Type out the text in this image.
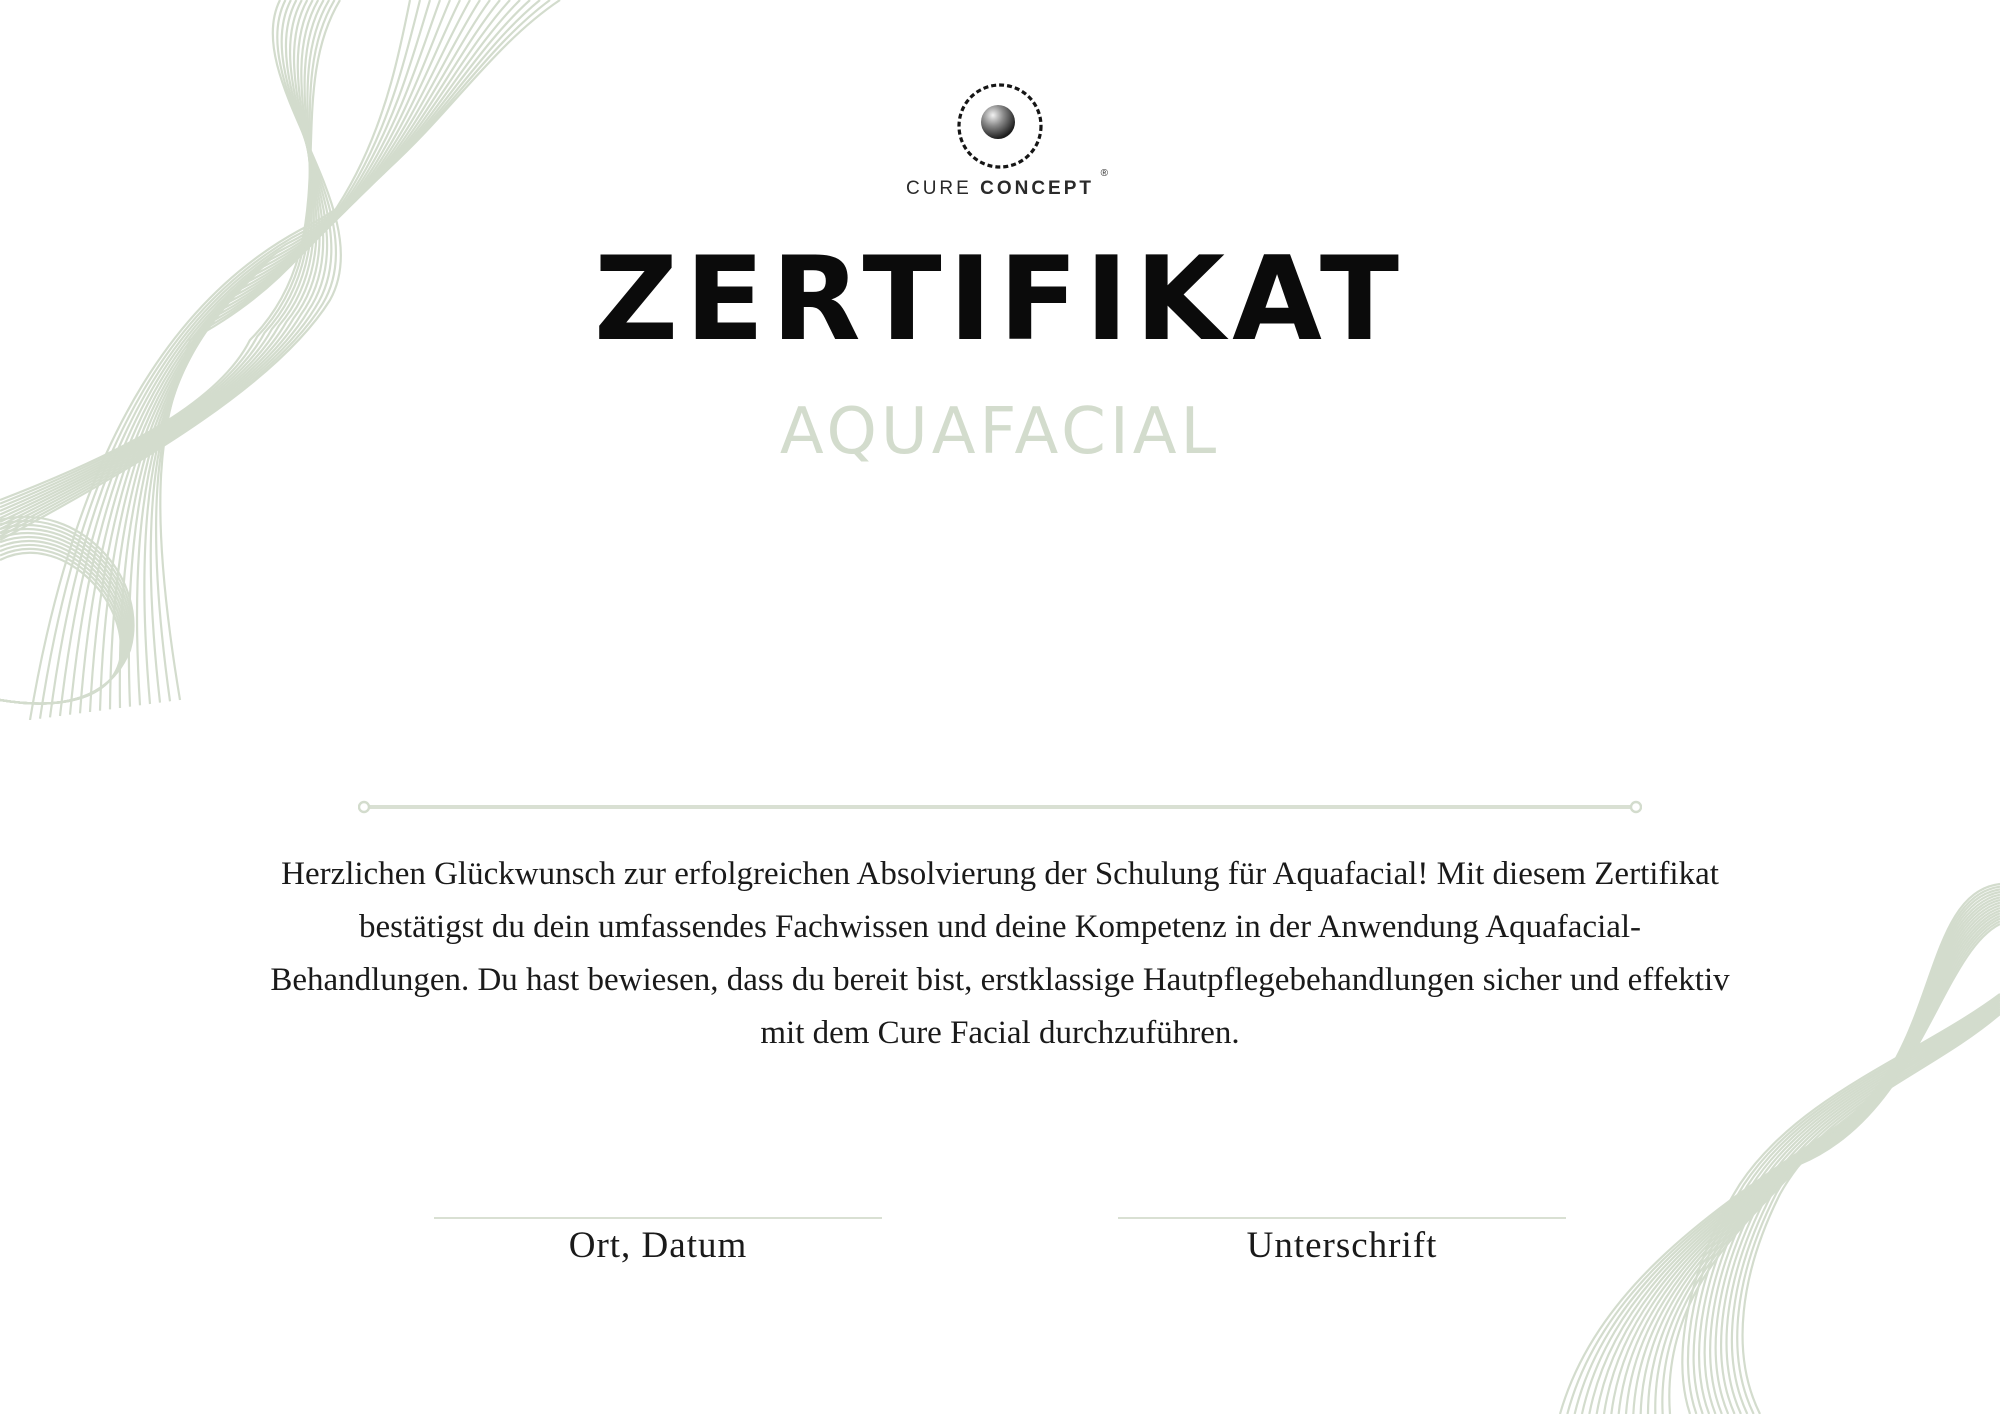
CURE CONCEPT
®
ZERTIFIKAT
AQUAFACIAL
Herzlichen Glückwunsch zur erfolgreichen Absolvierung der Schulung für Aquafacial! Mit diesem Zertifikat bestätigst du dein umfassendes Fachwissen und deine Kompetenz in der Anwendung Aquafacial-Behandlungen. Du hast bewiesen, dass du bereit bist, erstklassige Hautpflegebehandlungen sicher und effektiv mit dem Cure Facial durchzuführen.
Ort, Datum	Unterschrift
